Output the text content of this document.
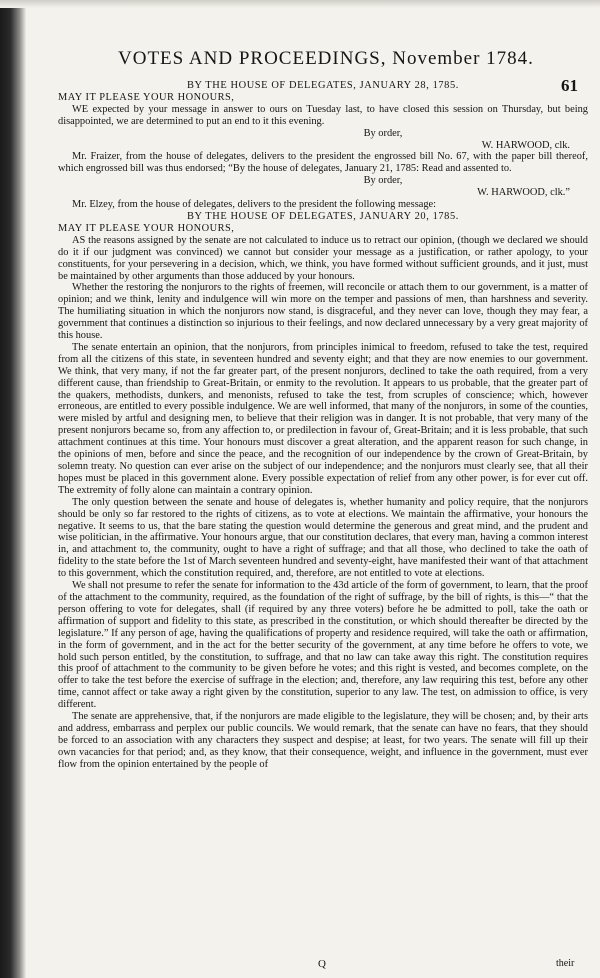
VOTES AND PROCEEDINGS, November 1784.
61

BY THE HOUSE OF DELEGATES, JANUARY 28, 1785.

MAY IT PLEASE YOUR HONOURS,

WE expected by your message in answer to ours on Tuesday last, to have closed this session on Thursday, but being disappointed, we are determined to put an end to it this evening.

By order,

W. HARWOOD, clk.

Mr. Fraizer, from the house of delegates, delivers to the president the engrossed bill No. 67, with the paper bill thereof, which engrossed bill was thus endorsed; “By the house of delegates, January 21, 1785: Read and assented to.

By order,

W. HARWOOD, clk.”

Mr. Elzey, from the house of delegates, delivers to the president the following message:

BY THE HOUSE OF DELEGATES, JANUARY 20, 1785.

MAY IT PLEASE YOUR HONOURS,

AS the reasons assigned by the senate are not calculated to induce us to retract our opinion, (though we declared we should do it if our judgment was convinced) we cannot but consider your message as a justification, or rather apology, to your constituents, for your persevering in a decision, which, we think, you have formed without sufficient grounds, and it just, must be maintained by other arguments than those adduced by your honours.

Whether the restoring the nonjurors to the rights of freemen, will reconcile or attach them to our government, is a matter of opinion; and we think, lenity and indulgence will win more on the temper and passions of men, than harshness and severity. The humiliating situation in which the nonjurors now stand, is disgraceful, and they never can love, though they may fear, a government that continues a distinction so injurious to their feelings, and now declared unnecessary by a very great majority of this house.

The senate entertain an opinion, that the nonjurors, from principles inimical to freedom, refused to take the test, required from all the citizens of this state, in seventeen hundred and seventy eight; and that they are now enemies to our government. We think, that very many, if not the far greater part, of the present nonjurors, declined to take the oath required, from a very different cause, than friendship to Great-Britain, or enmity to the revolution. It appears to us probable, that the greater part of the quakers, methodists, dunkers, and menonists, refused to take the test, from scruples of conscience; which, however erroneous, are entitled to every possible indulgence. We are well informed, that many of the nonjurors, in some of the counties, were misled by artful and designing men, to believe that their religion was in danger. It is not probable, that very many of the present nonjurors became so, from any affection to, or predilection in favour of, Great-Britain; and it is less probable, that such attachment continues at this time. Your honours must discover a great alteration, and the apparent reason for such change, in the opinions of men, before and since the peace, and the recognition of our independence by the crown of Great-Britain, by solemn treaty. No question can ever arise on the subject of our independence; and the nonjurors must clearly see, that all their hopes must be placed in this government alone. Every possible expectation of relief from any other power, is for ever cut off. The extremity of folly alone can maintain a contrary opinion.

The only question between the senate and house of delegates is, whether humanity and policy require, that the nonjurors should be only so far restored to the rights of citizens, as to vote at elections. We maintain the affirmative, your honours the negative. It seems to us, that the bare stating the question would determine the generous and great mind, and the prudent and wise politician, in the affirmative. Your honours argue, that our constitution declares, that every man, having a common interest in, and attachment to, the community, ought to have a right of suffrage; and that all those, who declined to take the oath of fidelity to the state before the 1st of March seventeen hundred and seventy-eight, have manifested their want of that attachment to this government, which the constitution required, and, therefore, are not entitled to vote at elections.

We shall not presume to refer the senate for information to the 43d article of the form of government, to learn, that the proof of the attachment to the community, required, as the foundation of the right of suffrage, by the bill of rights, is this—“ that the person offering to vote for delegates, shall (if required by any three voters) before he be admitted to poll, take the oath or affirmation of support and fidelity to this state, as prescribed in the constitution, or which should thereafter be directed by the legislature.” If any person of age, having the qualifications of property and residence required, will take the oath or affirmation, in the form of government, and in the act for the better security of the government, at any time before he offers to vote, we hold such person entitled, by the constitution, to suffrage, and that no law can take away this right. The constitution requires this proof of attachment to the community to be given before he votes; and this right is vested, and becomes complete, on the offer to take the test before the exercise of suffrage in the election; and, therefore, any law requiring this test, before any other time, cannot affect or take away a right given by the constitution, superior to any law. The test, on admission to office, is very different.

The senate are apprehensive, that, if the nonjurors are made eligible to the legislature, they will be chosen; and, by their arts and address, embarrass and perplex our public councils. We would remark, that the senate can have no fears, that they should be forced to an association with any characters they suspect and despise; at least, for two years. The senate will fill up their own vacancies for that period; and, as they know, that their consequence, weight, and influence in the government, must ever flow from the opinion entertained by the people of

Q	their
